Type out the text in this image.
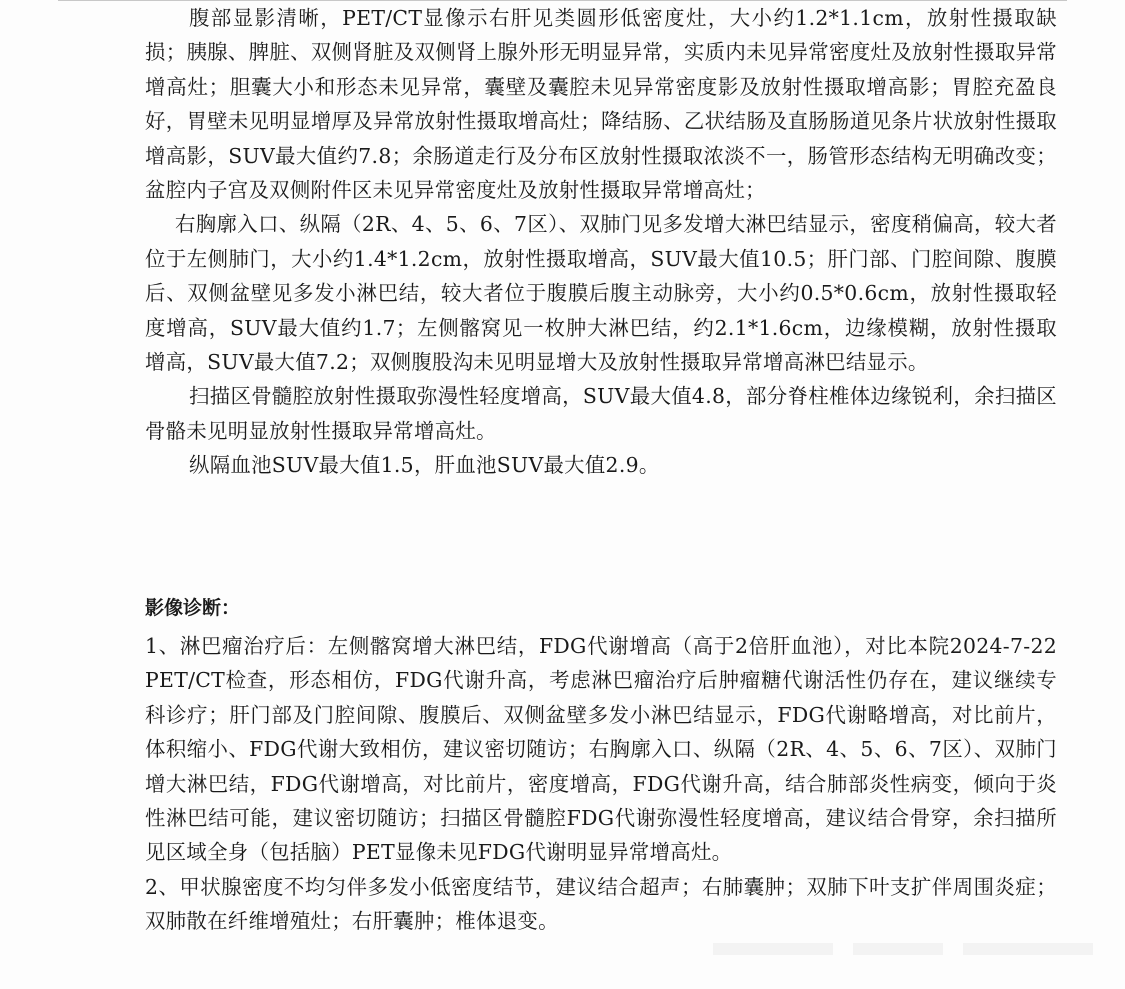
腹部显影清晰，PET/CT显像示右肝见类圆形低密度灶，大小约1.2*1.1cm，放射性摄取缺损；胰腺、脾脏、双侧肾脏及双侧肾上腺外形无明显异常，实质内未见异常密度灶及放射性摄取异常增高灶；胆囊大小和形态未见异常，囊壁及囊腔未见异常密度影及放射性摄取增高影；胃腔充盈良好，胃壁未见明显增厚及异常放射性摄取增高灶；降结肠、乙状结肠及直肠肠道见条片状放射性摄取增高影，SUV最大值约7.8；余肠道走行及分布区放射性摄取浓淡不一，肠管形态结构无明确改变；盆腔内子宫及双侧附件区未见异常密度灶及放射性摄取异常增高灶；

右胸廓入口、纵隔（2R、4、5、6、7区）、双肺门见多发增大淋巴结显示，密度稍偏高，较大者位于左侧肺门，大小约1.4*1.2cm，放射性摄取增高，SUV最大值10.5；肝门部、门腔间隙、腹膜后、双侧盆壁见多发小淋巴结，较大者位于腹膜后腹主动脉旁，大小约0.5*0.6cm，放射性摄取轻度增高，SUV最大值约1.7；左侧髂窝见一枚肿大淋巴结，约2.1*1.6cm，边缘模糊，放射性摄取增高，SUV最大值7.2；双侧腹股沟未见明显增大及放射性摄取异常增高淋巴结显示。

扫描区骨髓腔放射性摄取弥漫性轻度增高，SUV最大值4.8，部分脊柱椎体边缘锐利，余扫描区骨骼未见明显放射性摄取异常增高灶。

纵隔血池SUV最大值1.5，肝血池SUV最大值2.9。

影像诊断：

1、淋巴瘤治疗后：左侧髂窝增大淋巴结，FDG代谢增高（高于2倍肝血池），对比本院2024-7-22 PET/CT检查，形态相仿，FDG代谢升高，考虑淋巴瘤治疗后肿瘤糖代谢活性仍存在，建议继续专科诊疗；肝门部及门腔间隙、腹膜后、双侧盆壁多发小淋巴结显示，FDG代谢略增高，对比前片，体积缩小、FDG代谢大致相仿，建议密切随访；右胸廓入口、纵隔（2R、4、5、6、7区）、双肺门增大淋巴结，FDG代谢增高，对比前片，密度增高，FDG代谢升高，结合肺部炎性病变，倾向于炎性淋巴结可能，建议密切随访；扫描区骨髓腔FDG代谢弥漫性轻度增高，建议结合骨穿，余扫描所见区域全身（包括脑）PET显像未见FDG代谢明显异常增高灶。

2、甲状腺密度不均匀伴多发小低密度结节，建议结合超声；右肺囊肿；双肺下叶支扩伴周围炎症；双肺散在纤维增殖灶；右肝囊肿；椎体退变。
